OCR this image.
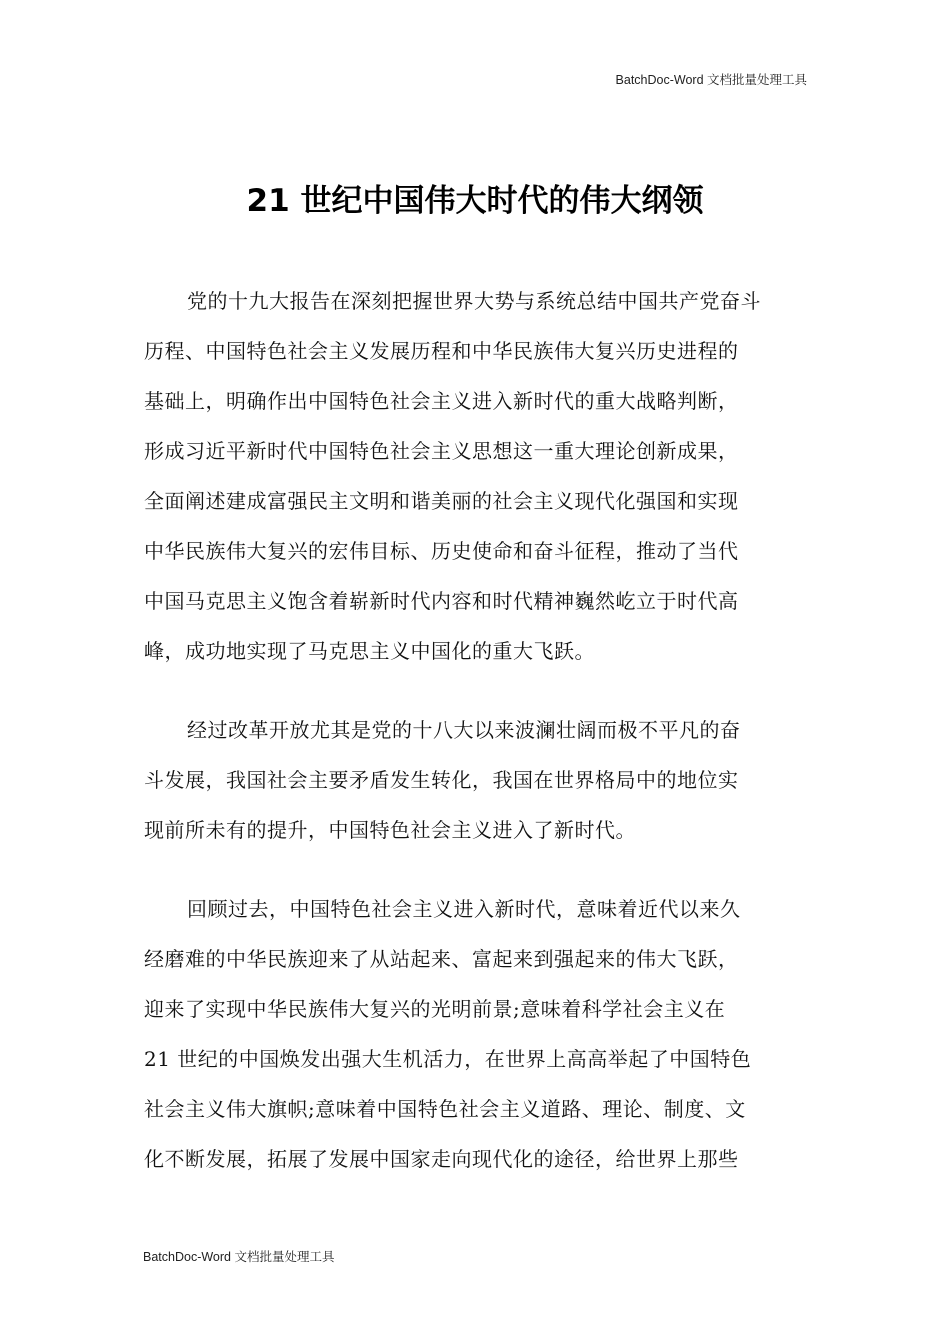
BatchDoc-Word 文档批量处理工具
21 世纪中国伟大时代的伟大纲领
党的十九大报告在深刻把握世界大势与系统总结中国共产党奋斗
历程、中国特色社会主义发展历程和中华民族伟大复兴历史进程的
基础上，明确作出中国特色社会主义进入新时代的重大战略判断，
形成习近平新时代中国特色社会主义思想这一重大理论创新成果，
全面阐述建成富强民主文明和谐美丽的社会主义现代化强国和实现
中华民族伟大复兴的宏伟目标、历史使命和奋斗征程，推动了当代
中国马克思主义饱含着崭新时代内容和时代精神巍然屹立于时代高
峰，成功地实现了马克思主义中国化的重大飞跃。
经过改革开放尤其是党的十八大以来波澜壮阔而极不平凡的奋
斗发展，我国社会主要矛盾发生转化，我国在世界格局中的地位实
现前所未有的提升，中国特色社会主义进入了新时代。
回顾过去，中国特色社会主义进入新时代，意味着近代以来久
经磨难的中华民族迎来了从站起来、富起来到强起来的伟大飞跃，
迎来了实现中华民族伟大复兴的光明前景;意味着科学社会主义在
21 世纪的中国焕发出强大生机活力，在世界上高高举起了中国特色
社会主义伟大旗帜;意味着中国特色社会主义道路、理论、制度、文
化不断发展，拓展了发展中国家走向现代化的途径，给世界上那些
BatchDoc-Word 文档批量处理工具
